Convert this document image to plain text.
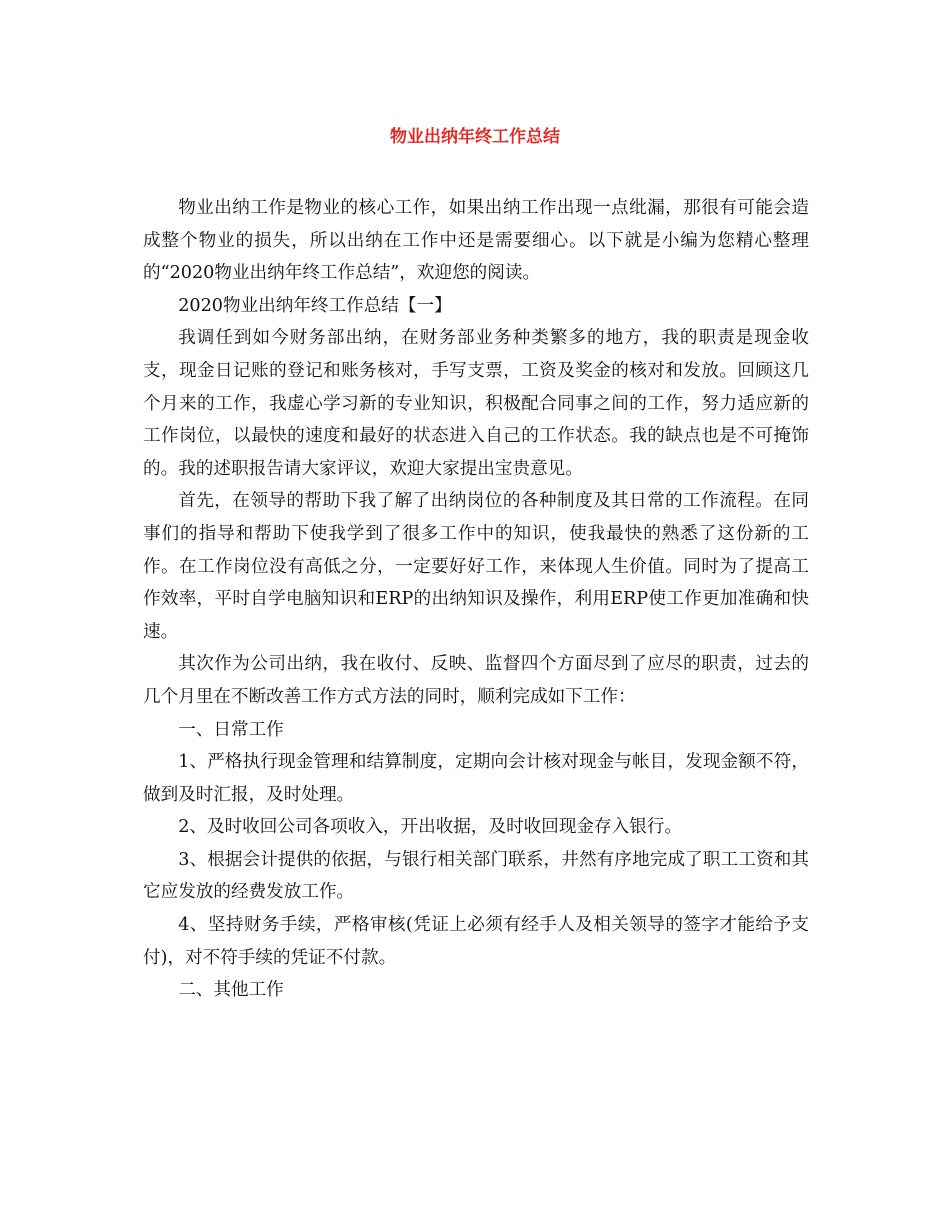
物业出纳年终工作总结

物业出纳工作是物业的核心工作，如果出纳工作出现一点纰漏，那很有可能会造成整个物业的损失，所以出纳在工作中还是需要细心。以下就是小编为您精心整理的“2020物业出纳年终工作总结”，欢迎您的阅读。

2020物业出纳年终工作总结【一】

我调任到如今财务部出纳，在财务部业务种类繁多的地方，我的职责是现金收支，现金日记账的登记和账务核对，手写支票，工资及奖金的核对和发放。回顾这几个月来的工作，我虚心学习新的专业知识，积极配合同事之间的工作，努力适应新的工作岗位，以最快的速度和最好的状态进入自己的工作状态。我的缺点也是不可掩饰的。我的述职报告请大家评议，欢迎大家提出宝贵意见。

首先，在领导的帮助下我了解了出纳岗位的各种制度及其日常的工作流程。在同事们的指导和帮助下使我学到了很多工作中的知识，使我最快的熟悉了这份新的工作。在工作岗位没有高低之分，一定要好好工作，来体现人生价值。同时为了提高工作效率，平时自学电脑知识和ERP的出纳知识及操作，利用ERP使工作更加准确和快速。

其次作为公司出纳，我在收付、反映、监督四个方面尽到了应尽的职责，过去的几个月里在不断改善工作方式方法的同时，顺利完成如下工作：

一、日常工作

1、严格执行现金管理和结算制度，定期向会计核对现金与帐目，发现金额不符，做到及时汇报，及时处理。

2、及时收回公司各项收入，开出收据，及时收回现金存入银行。

3、根据会计提供的依据，与银行相关部门联系，井然有序地完成了职工工资和其它应发放的经费发放工作。

4、坚持财务手续，严格审核(凭证上必须有经手人及相关领导的签字才能给予支付)，对不符手续的凭证不付款。

二、其他工作
